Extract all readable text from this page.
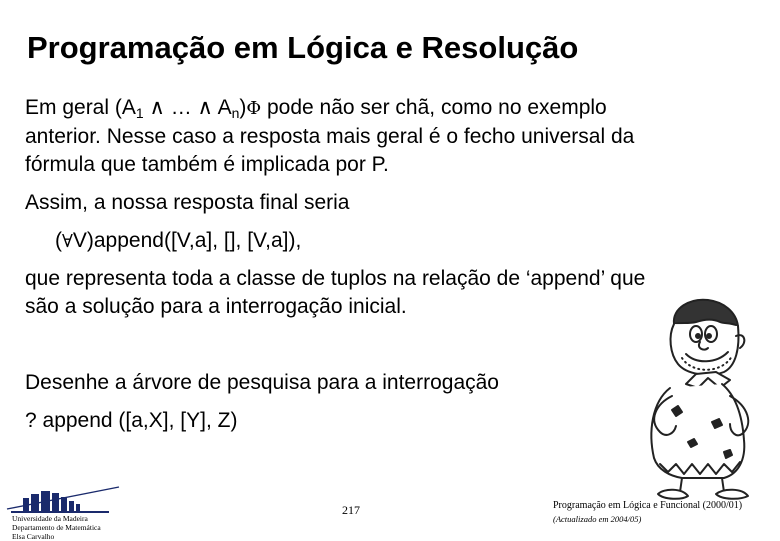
Programação em Lógica e Resolução
Em geral ($A_1$ ∧ … ∧ $A_n)\Phi$ pode não ser chã, como no exemplo
anterior. Nesse caso a resposta mais geral é o fecho universal da
fórmula que também é implicada por P.
Assim, a nossa resposta final seria
(∀V)append([V,a], [], [V,a]),
que representa toda a classe de tuplos na relação de ‘append’ que
são a solução para a interrogação inicial.
Desenhe a árvore de pesquisa para a interrogação
? append ([a,X], [Y], Z)
Universidade da Madeira
Departamento de Matemática
Elsa Carvalho
217	Programação em Lógica e Funcional (2000/01)
(Actualizado em 2004/05)
